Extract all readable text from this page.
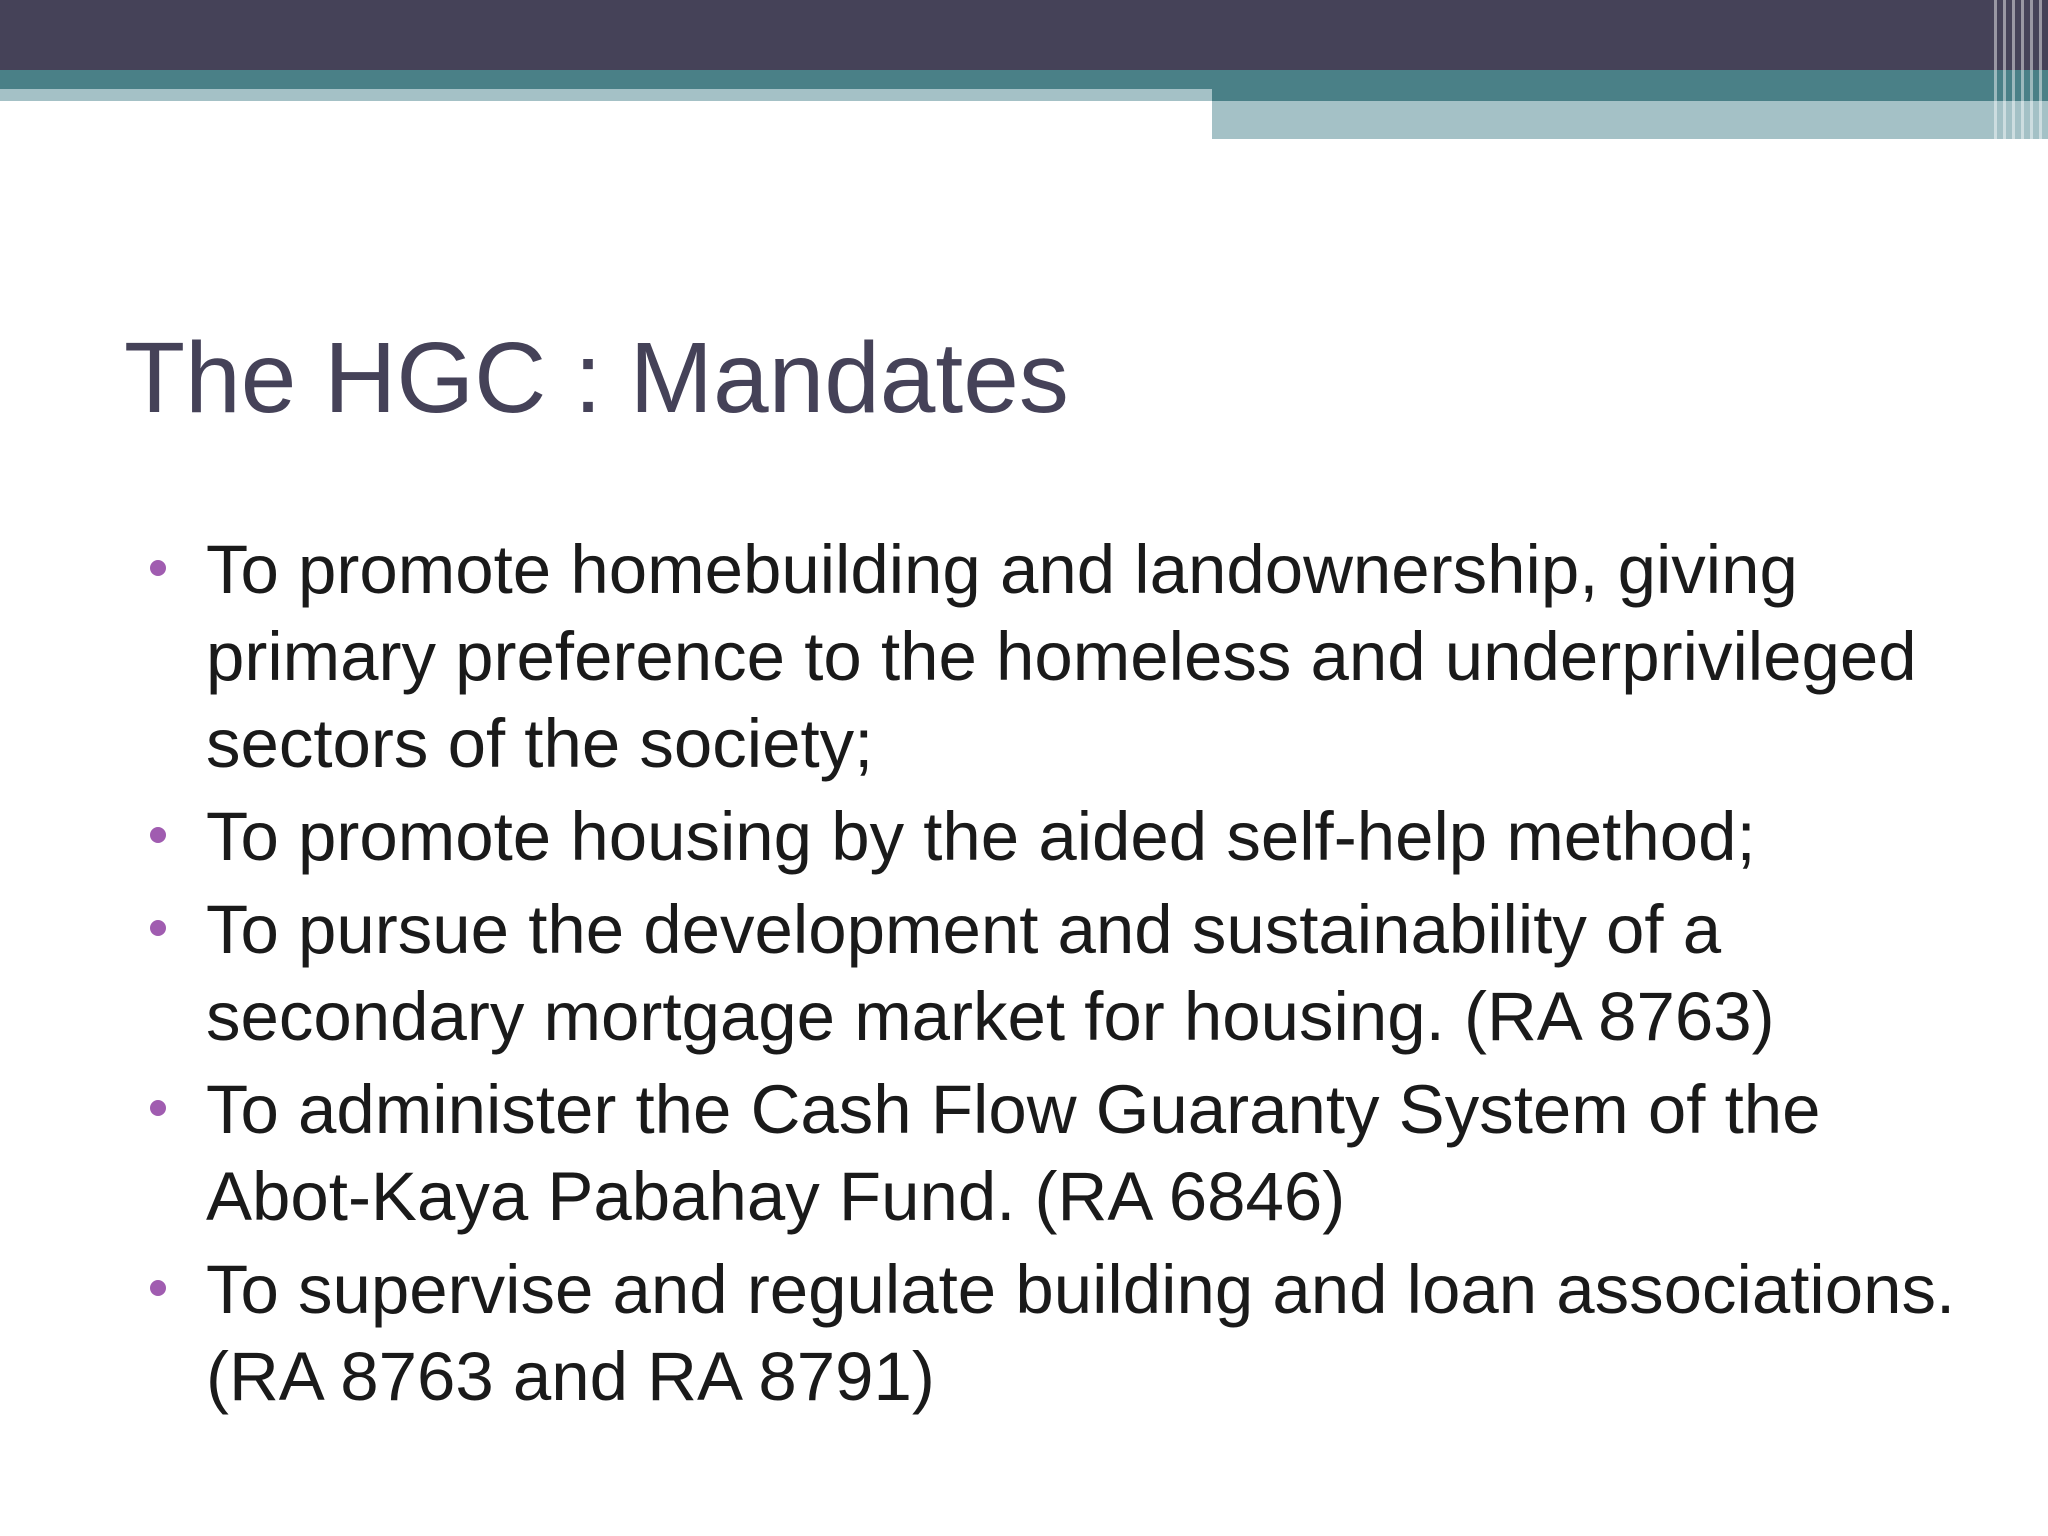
The HGC : Mandates
To promote homebuilding and landownership, giving primary preference to the homeless and underprivileged sectors of the society;
To promote housing by the aided self-help method;
To pursue the development and sustainability of a secondary mortgage market for housing. (RA 8763)
To administer the Cash Flow Guaranty System of the Abot-Kaya Pabahay Fund. (RA 6846)
To supervise and regulate building and loan associations. (RA 8763 and RA 8791)
